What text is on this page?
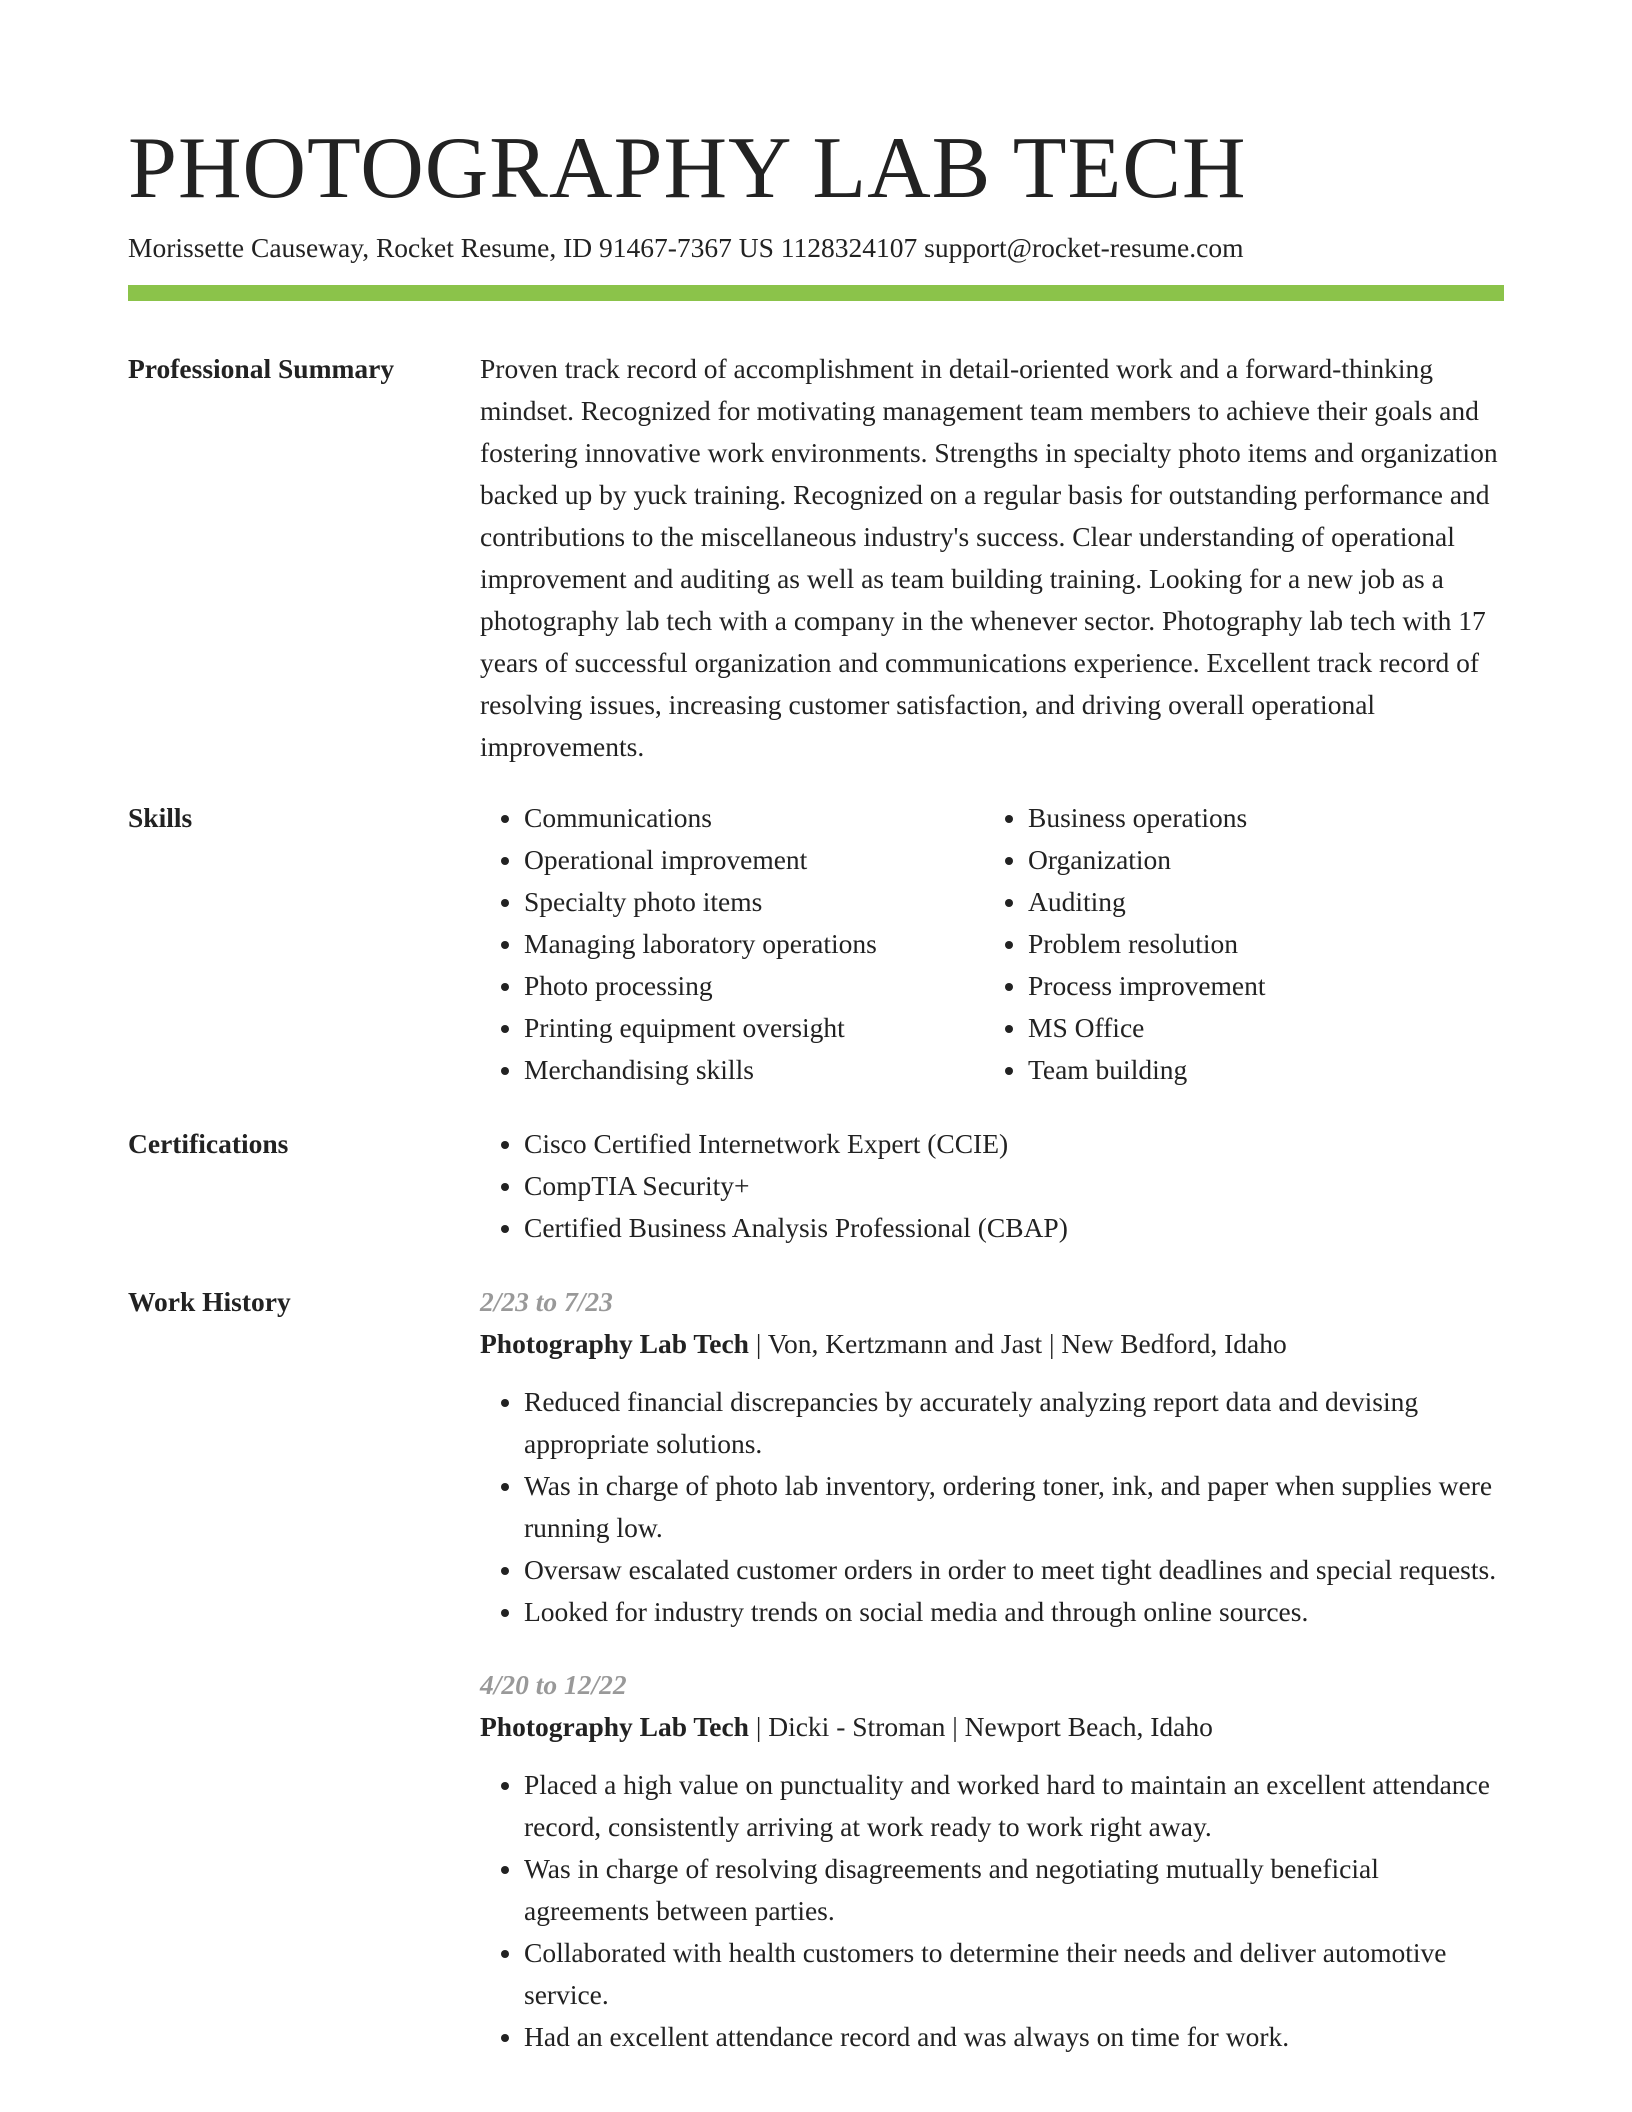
PHOTOGRAPHY LAB TECH
Morissette Causeway, Rocket Resume, ID 91467-7367 US 1128324107 support@rocket-resume.com
Professional Summary	Proven track record of accomplishment in detail-oriented work and a forward-thinking mindset. Recognized for motivating management team members to achieve their goals and fostering innovative work environments. Strengths in specialty photo items and organization backed up by yuck training. Recognized on a regular basis for outstanding performance and contributions to the miscellaneous industry's success. Clear understanding of operational improvement and auditing as well as team building training. Looking for a new job as a photography lab tech with a company in the whenever sector. Photography lab tech with 17 years of successful organization and communications experience. Excellent track record of resolving issues, increasing customer satisfaction, and driving overall operational improvements.

Skills	• Communications
• Operational improvement
• Specialty photo items
• Managing laboratory operations
• Photo processing
• Printing equipment oversight
• Merchandising skills
• Business operations
• Organization
• Auditing
• Problem resolution
• Process improvement
• MS Office
• Team building
Certifications	• Cisco Certified Internetwork Expert (CCIE)
• CompTIA Security+
• Certified Business Analysis Professional (CBAP)
Work History	2/23 to 7/23
Photography Lab Tech | Von, Kertzmann and Jast | New Bedford, Idaho
• Reduced financial discrepancies by accurately analyzing report data and devising appropriate solutions.
• Was in charge of photo lab inventory, ordering toner, ink, and paper when supplies were running low.
• Oversaw escalated customer orders in order to meet tight deadlines and special requests.
• Looked for industry trends on social media and through online sources.
4/20 to 12/22
Photography Lab Tech | Dicki - Stroman | Newport Beach, Idaho
• Placed a high value on punctuality and worked hard to maintain an excellent attendance record, consistently arriving at work ready to work right away.
• Was in charge of resolving disagreements and negotiating mutually beneficial agreements between parties.
• Collaborated with health customers to determine their needs and deliver automotive service.
• Had an excellent attendance record and was always on time for work.
